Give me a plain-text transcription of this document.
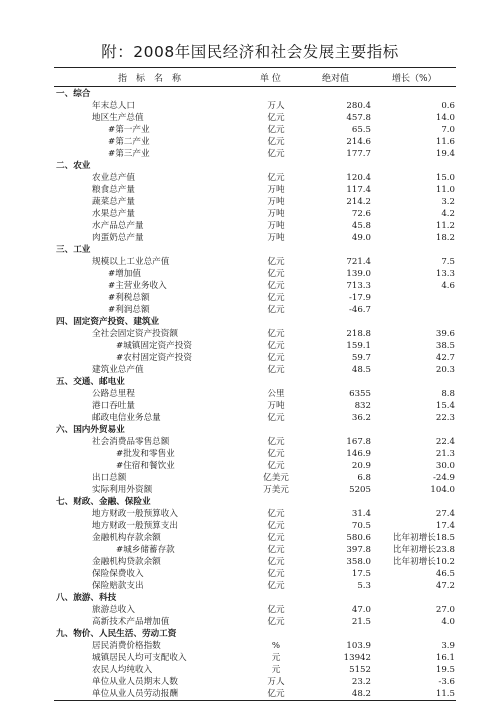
附：2008年国民经济和社会发展主要指标
指　标　名　称	单 位	绝对值	增长（%）
一、综合
年末总人口	万人	280.4	0.6
地区生产总值	亿元	457.8	14.0
#第一产业	亿元	65.5	7.0
#第二产业	亿元	214.6	11.6
#第三产业	亿元	177.7	19.4
二、农业
农业总产值	亿元	120.4	15.0
粮食总产量	万吨	117.4	11.0
蔬菜总产量	万吨	214.2	3.2
水果总产量	万吨	72.6	4.2
水产品总产量	万吨	45.8	11.2
肉蛋奶总产量	万吨	49.0	18.2
三、工业
规模以上工业总产值	亿元	721.4	7.5
#增加值	亿元	139.0	13.3
#主营业务收入	亿元	713.3	4.6
#利税总额	亿元	-17.9
#利润总额	亿元	-46.7
四、固定资产投资、建筑业
全社会固定资产投资额	亿元	218.8	39.6
#城镇固定资产投资	亿元	159.1	38.5
#农村固定资产投资	亿元	59.7	42.7
建筑业总产值	亿元	48.5	20.3
五、交通、邮电业
公路总里程	公里	6355	8.8
港口吞吐量	万吨	832	15.4
邮政电信业务总量	亿元	36.2	22.3
六、国内外贸易业
社会消费品零售总额	亿元	167.8	22.4
#批发和零售业	亿元	146.9	21.3
#住宿和餐饮业	亿元	20.9	30.0
出口总额	亿美元	6.8	-24.9
实际利用外资额	万美元	5205	104.0
七、财政、金融、保险业
地方财政一般预算收入	亿元	31.4	27.4
地方财政一般预算支出	亿元	70.5	17.4
金融机构存款余额	亿元	580.6	比年初增长18.5
#城乡储蓄存款	亿元	397.8	比年初增长23.8
金融机构贷款余额	亿元	358.0	比年初增长10.2
保险保费收入	亿元	17.5	46.5
保险赔款支出	亿元	5.3	47.2
八、旅游、科技
旅游总收入	亿元	47.0	27.0
高新技术产品增加值	亿元	21.5	4.0
九、物价、人民生活、劳动工资
居民消费价格指数	%	103.9	3.9
城镇居民人均可支配收入	元	13942	16.1
农民人均纯收入	元	5152	19.5
单位从业人员期末人数	万人	23.2	-3.6
单位从业人员劳动报酬	亿元	48.2	11.5
